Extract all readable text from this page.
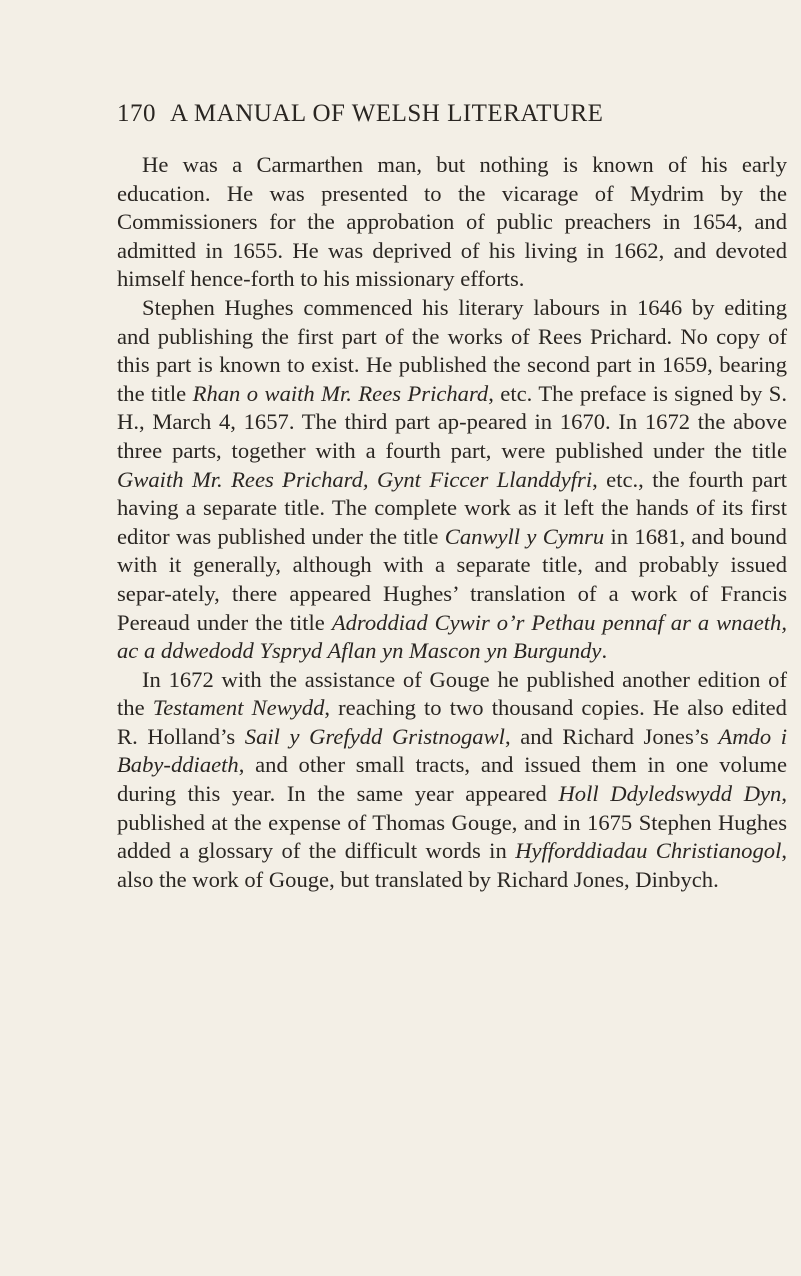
170 A MANUAL OF WELSH LITERATURE

He was a Carmarthen man, but nothing is known of his early education. He was presented to the vicarage of Mydrim by the Commissioners for the approbation of public preachers in 1654, and admitted in 1655. He was deprived of his living in 1662, and devoted himself hence-forth to his missionary efforts.

Stephen Hughes commenced his literary labours in 1646 by editing and publishing the first part of the works of Rees Prichard. No copy of this part is known to exist. He published the second part in 1659, bearing the title Rhan o waith Mr. Rees Prichard, etc. The preface is signed by S. H., March 4, 1657. The third part ap-peared in 1670. In 1672 the above three parts, together with a fourth part, were published under the title Gwaith Mr. Rees Prichard, Gynt Ficcer Llanddyfri, etc., the fourth part having a separate title. The complete work as it left the hands of its first editor was published under the title Canwyll y Cymru in 1681, and bound with it generally, although with a separate title, and probably issued separ-ately, there appeared Hughes’ translation of a work of Francis Pereaud under the title Adroddiad Cywir o’r Pethau pennaf ar a wnaeth, ac a ddwedodd Yspryd Aflan yn Mascon yn Burgundy.

In 1672 with the assistance of Gouge he published another edition of the Testament Newydd, reaching to two thousand copies. He also edited R. Holland’s Sail y Grefydd Gristnogawl, and Richard Jones’s Amdo i Baby-ddiaeth, and other small tracts, and issued them in one volume during this year. In the same year appeared Holl Ddyledswydd Dyn, published at the expense of Thomas Gouge, and in 1675 Stephen Hughes added a glossary of the difficult words in Hyfforddiadau Christianogol, also the work of Gouge, but translated by Richard Jones, Dinbych.
